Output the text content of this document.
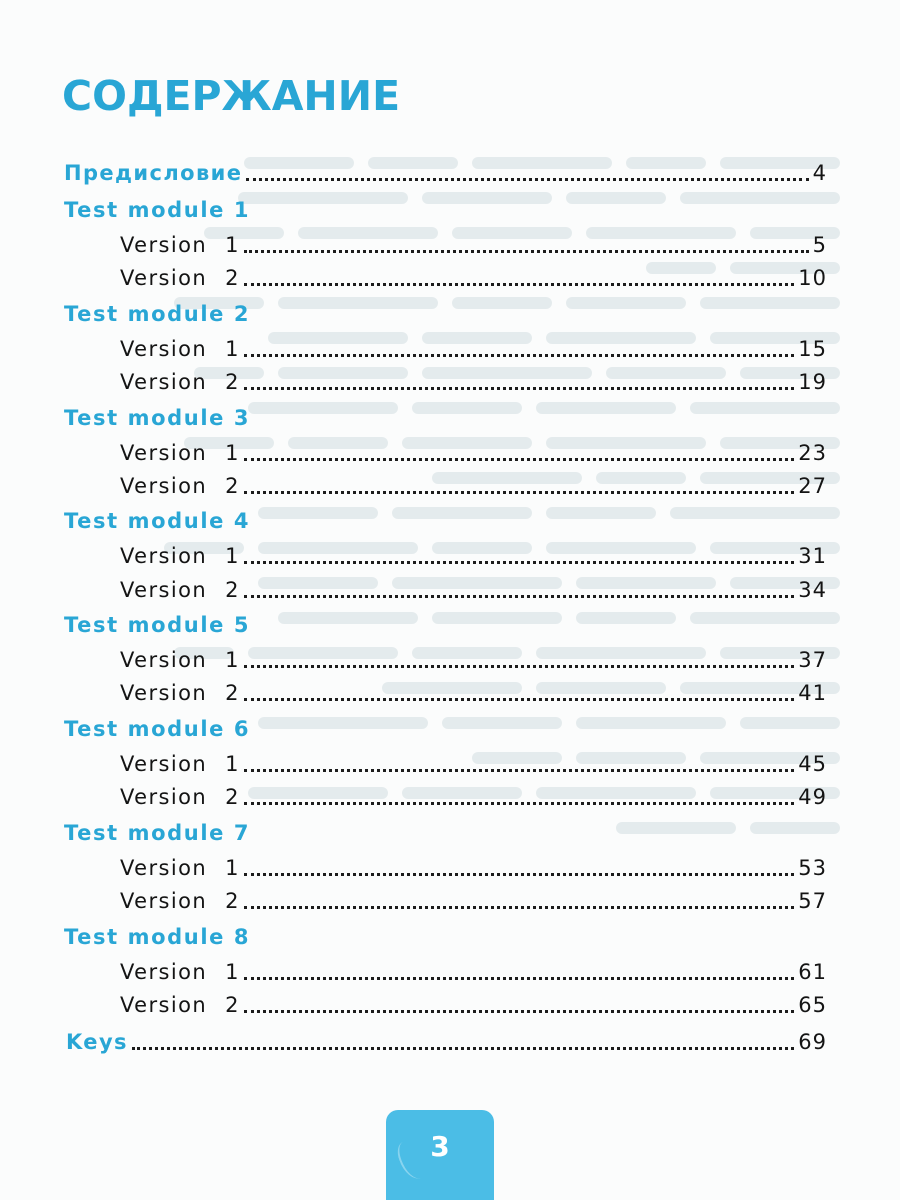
СОДЕРЖАНИЕ
Предисловие	4
Test module 1
Version 1	5
Version 2	10
Test module 2
Version 1	15
Version 2	19
Test module 3
Version 1	23
Version 2	27
Test module 4
Version 1	31
Version 2	34
Test module 5
Version 1	37
Version 2	41
Test module 6
Version 1	45
Version 2	49
Test module 7
Version 1	53
Version 2	57
Test module 8
Version 1	61
Version 2	65
Keys	69
3
